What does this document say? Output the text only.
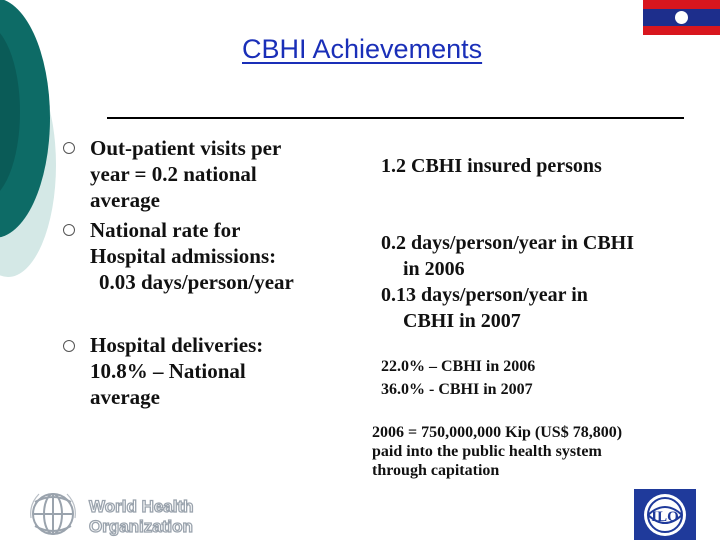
CBHI Achievements
Out-patient visits per
year = 0.2 national
average
National rate for
Hospital admissions:
0.03 days/person/year
Hospital deliveries:
10.8% – National
average
1.2 CBHI insured persons
0.2 days/person/year in CBHI
in 2006
0.13 days/person/year in
CBHI in 2007
22.0% – CBHI in 2006
36.0% - CBHI in 2007
2006 = 750,000,000 Kip (US$ 78,800)
paid into the public health system
through capitation
World Health
Organization	ILO
